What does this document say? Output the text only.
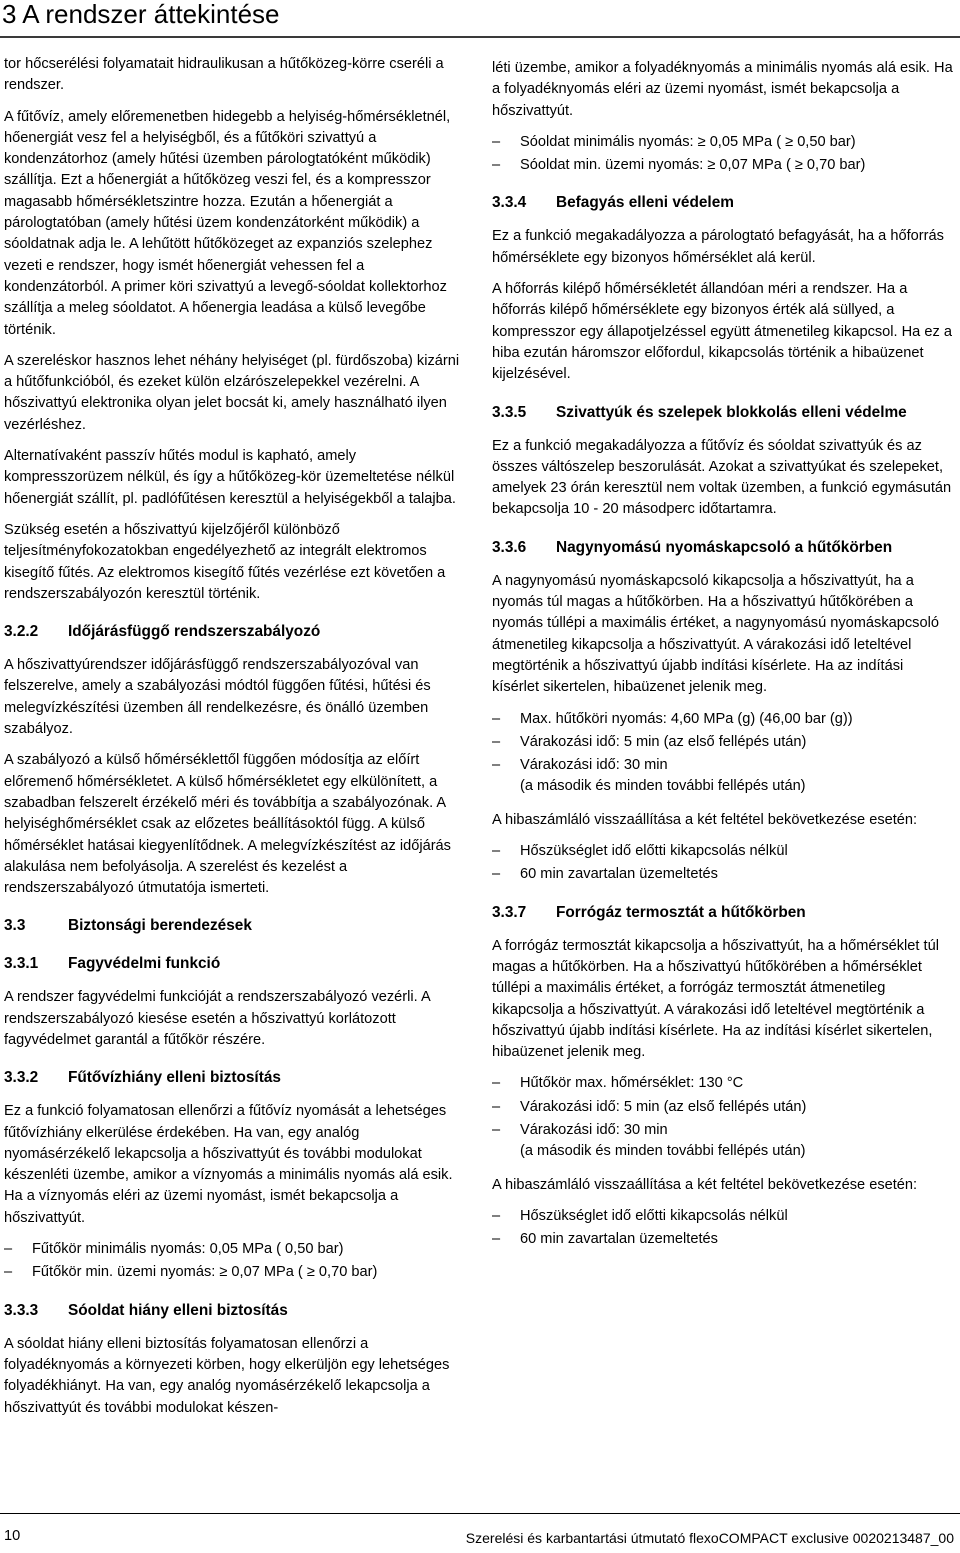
3 A rendszer áttekintése

tor hőcserélési folyamatait hidraulikusan a hűtőközeg-körre cseréli a rendszer.

A fűtővíz, amely előremenetben hidegebb a helyiség-hőmérsékletnél, hőenergiát vesz fel a helyiségből, és a fűtőköri szivattyú a kondenzátorhoz (amely hűtési üzemben párologtatóként működik) szállítja. Ezt a hőenergiát a hűtőközeg veszi fel, és a kompresszor magasabb hőmérsékletszintre hozza. Ezután a hőenergiát a párologtatóban (amely hűtési üzem kondenzátorként működik) a sóoldatnak adja le. A lehűtött hűtőközeget az expanziós szelephez vezeti e rendszer, hogy ismét hőenergiát vehessen fel a kondenzátorból. A primer köri szivattyú a levegő-sóoldat kollektorhoz szállítja a meleg sóoldatot. A hőenergia leadása a külső levegőbe történik.

A szereléskor hasznos lehet néhány helyiséget (pl. fürdőszoba) kizárni a hűtőfunkcióból, és ezeket külön elzárószelepekkel vezérelni. A hőszivattyú elektronika olyan jelet bocsát ki, amely használható ilyen vezérléshez.

Alternatívaként passzív hűtés modul is kapható, amely kompresszorüzem nélkül, és így a hűtőközeg-kör üzemeltetése nélkül hőenergiát szállít, pl. padlófűtésen keresztül a helyiségekből a talajba.

Szükség esetén a hőszivattyú kijelzőjéről különböző teljesítményfokozatokban engedélyezhető az integrált elektromos kisegítő fűtés. Az elektromos kisegítő fűtés vezérlése ezt követően a rendszerszabályozón keresztül történik.

3.2.2	Időjárásfüggő rendszerszabályozó

A hőszivattyúrendszer időjárásfüggő rendszerszabályozóval van felszerelve, amely a szabályozási módtól függően fűtési, hűtési és melegvízkészítési üzemben áll rendelkezésre, és önálló üzemben szabályoz.

A szabályozó a külső hőmérséklettől függően módosítja az előírt előremenő hőmérsékletet. A külső hőmérsékletet egy elkülönített, a szabadban felszerelt érzékelő méri és továbbítja a szabályozónak. A helyiséghőmérséklet csak az előzetes beállításoktól függ. A külső hőmérséklet hatásai kiegyenlítődnek. A melegvízkészítést az időjárás alakulása nem befolyásolja. A szerelést és kezelést a rendszerszabályozó útmutatója ismerteti.

3.3	Biztonsági berendezések
3.3.1	Fagyvédelmi funkció

A rendszer fagyvédelmi funkcióját a rendszerszabályozó vezérli. A rendszerszabályozó kiesése esetén a hőszivattyú korlátozott fagyvédelmet garantál a fűtőkör részére.

3.3.2	Fűtővízhiány elleni biztosítás

Ez a funkció folyamatosan ellenőrzi a fűtővíz nyomását a lehetséges fűtővízhiány elkerülése érdekében. Ha van, egy analóg nyomásérzékelő lekapcsolja a hőszivattyút és további modulokat készenléti üzembe, amikor a víznyomás a minimális nyomás alá esik. Ha a víznyomás eléri az üzemi nyomást, ismét bekapcsolja a hőszivattyút.

– Fűtőkör minimális nyomás: 0,05 MPa ( 0,50 bar)
– Fűtőkör min. üzemi nyomás: ≥ 0,07 MPa ( ≥ 0,70 bar)
3.3.3	Sóoldat hiány elleni biztosítás

A sóoldat hiány elleni biztosítás folyamatosan ellenőrzi a folyadéknyomás a környezeti körben, hogy elkerüljön egy lehetséges folyadékhiányt. Ha van, egy analóg nyomásérzékelő lekapcsolja a hőszivattyút és további modulokat készen-

léti üzembe, amikor a folyadéknyomás a minimális nyomás alá esik. Ha a folyadéknyomás eléri az üzemi nyomást, ismét bekapcsolja a hőszivattyút.

– Sóoldat minimális nyomás: ≥ 0,05 MPa ( ≥ 0,50 bar)
– Sóoldat min. üzemi nyomás: ≥ 0,07 MPa ( ≥ 0,70 bar)
3.3.4	Befagyás elleni védelem

Ez a funkció megakadályozza a párologtató befagyását, ha a hőforrás hőmérséklete egy bizonyos hőmérséklet alá kerül.

A hőforrás kilépő hőmérsékletét állandóan méri a rendszer. Ha a hőforrás kilépő hőmérséklete egy bizonyos érték alá süllyed, a kompresszor egy állapotjelzéssel együtt átmenetileg kikapcsol. Ha ez a hiba ezután háromszor előfordul, kikapcsolás történik a hibaüzenet kijelzésével.

3.3.5	Szivattyúk és szelepek blokkolás elleni védelme

Ez a funkció megakadályozza a fűtővíz és sóoldat szivattyúk és az összes váltószelep beszorulását. Azokat a szivattyúkat és szelepeket, amelyek 23 órán keresztül nem voltak üzemben, a funkció egymásután bekapcsolja 10 - 20 másodperc időtartamra.

3.3.6	Nagynyomású nyomáskapcsoló a hűtőkörben

A nagynyomású nyomáskapcsoló kikapcsolja a hőszivattyút, ha a nyomás túl magas a hűtőkörben. Ha a hőszivattyú hűtőkörében a nyomás túllépi a maximális értéket, a nagynyomású nyomáskapcsoló átmenetileg kikapcsolja a hőszivattyút. A várakozási idő leteltével megtörténik a hőszivattyú újabb indítási kísérlete. Ha az indítási kísérlet sikertelen, hibaüzenet jelenik meg.

– Max. hűtőköri nyomás: 4,60 MPa (g) (46,00 bar (g))
– Várakozási idő: 5 min (az első fellépés után)
– Várakozási idő: 30 min
(a második és minden további fellépés után)

A hibaszámláló visszaállítása a két feltétel bekövetkezése esetén:

– Hőszükséglet idő előtti kikapcsolás nélkül
– 60 min zavartalan üzemeltetés
3.3.7	Forrógáz termosztát a hűtőkörben

A forrógáz termosztát kikapcsolja a hőszivattyút, ha a hőmérséklet túl magas a hűtőkörben. Ha a hőszivattyú hűtőkörében a hőmérséklet túllépi a maximális értéket, a forrógáz termosztát átmenetileg kikapcsolja a hőszivattyút. A várakozási idő leteltével megtörténik a hőszivattyú újabb indítási kísérlete. Ha az indítási kísérlet sikertelen, hibaüzenet jelenik meg.

– Hűtőkör max. hőmérséklet: 130 °C
– Várakozási idő: 5 min (az első fellépés után)
– Várakozási idő: 30 min
(a második és minden további fellépés után)

A hibaszámláló visszaállítása a két feltétel bekövetkezése esetén:

– Hőszükséglet idő előtti kikapcsolás nélkül
– 60 min zavartalan üzemeltetés
10	Szerelési és karbantartási útmutató flexoCOMPACT exclusive 0020213487_00
